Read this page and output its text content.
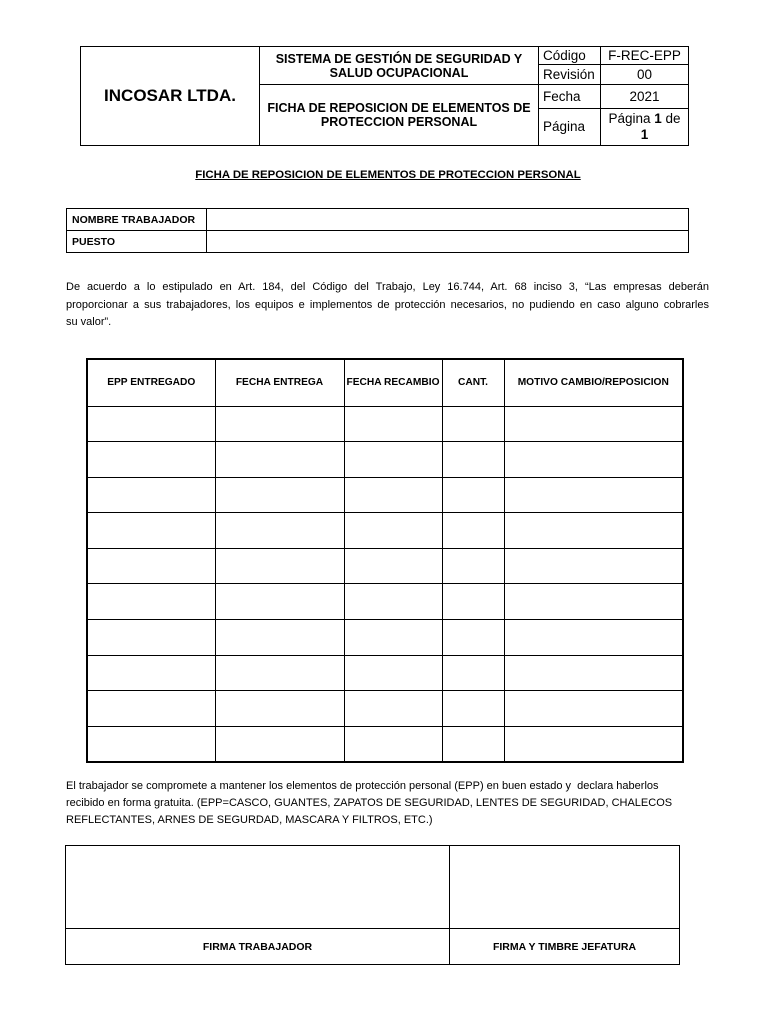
INCOSAR LTDA.	SISTEMA DE GESTIÓN DE SEGURIDAD Y SALUD OCUPACIONAL	Código	F-REC-EPP
		Revisión	00
	FICHA DE REPOSICION DE ELEMENTOS DE PROTECCION PERSONAL	Fecha	2021
		Página	Página 1 de
1
FICHA DE REPOSICION DE ELEMENTOS DE PROTECCION PERSONAL
NOMBRE TRABAJADOR	
PUESTO	
De acuerdo a lo estipulado en Art. 184, del Código del Trabajo, Ley 16.744, Art. 68 inciso 3, “Las empresas deberán
proporcionar a sus trabajadores, los equipos e implementos de protección necesarios, no pudiendo en caso alguno cobrarles
su valor”.
EPP ENTREGADO	FECHA ENTREGA	FECHA RECAMBIO	CANT.	MOTIVO CAMBIO/REPOSICION

El trabajador se compromete a mantener los elementos de protección personal (EPP) en buen estado y  declara haberlos
recibido en forma gratuita. (EPP=CASCO, GUANTES, ZAPATOS DE SEGURIDAD, LENTES DE SEGURIDAD, CHALECOS
REFLECTANTES, ARNES DE SEGURDAD, MASCARA Y FILTROS, ETC.)

FIRMA TRABAJADOR	FIRMA Y TIMBRE JEFATURA
